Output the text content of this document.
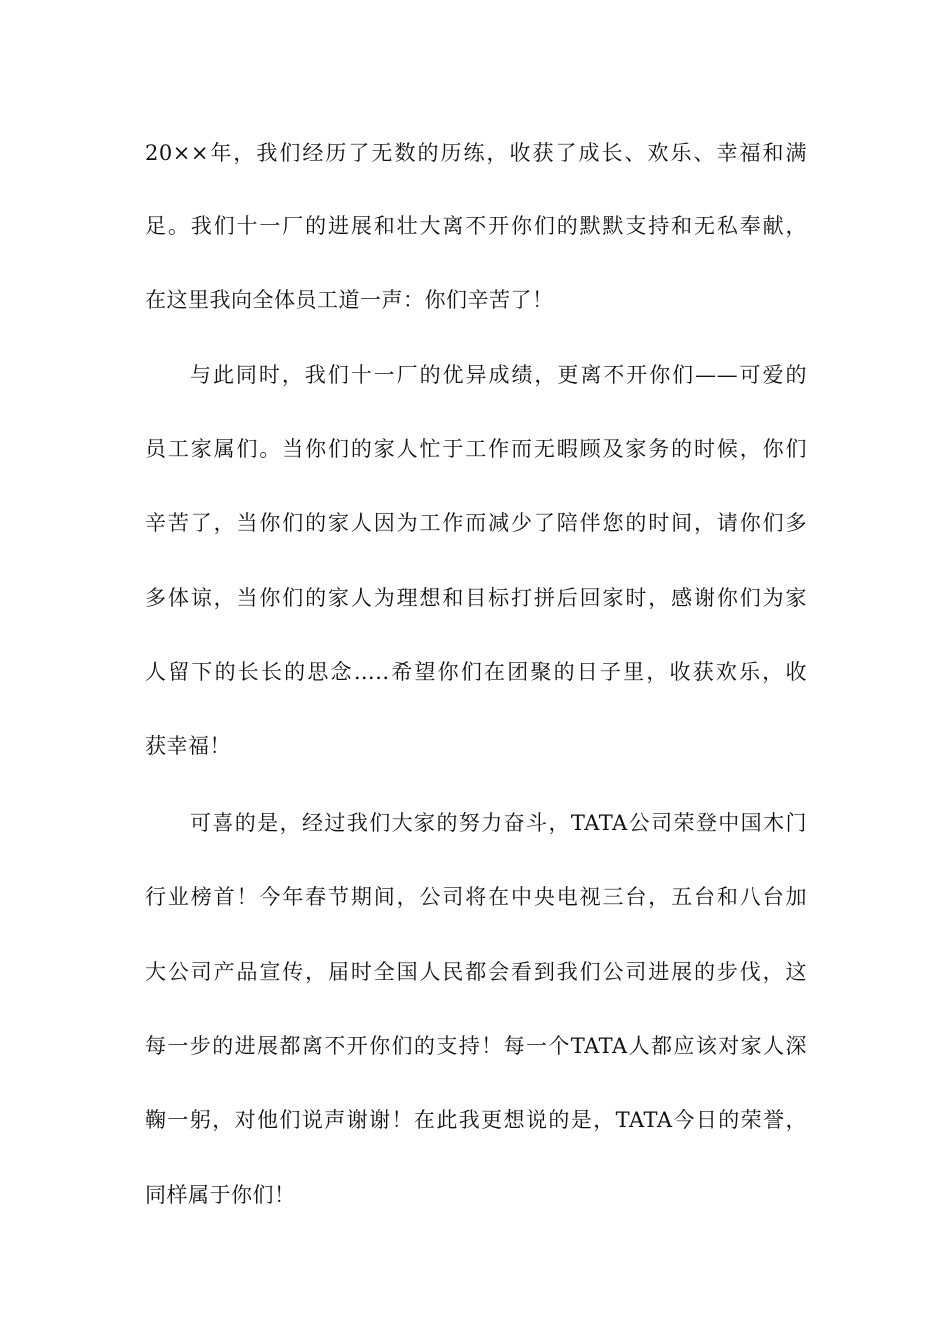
20××年，我们经历了无数的历练，收获了成长、欢乐、幸福和满
足。我们十一厂的进展和壮大离不开你们的默默支持和无私奉献，
在这里我向全体员工道一声：你们辛苦了！
与此同时，我们十一厂的优异成绩，更离不开你们——可爱的
员工家属们。当你们的家人忙于工作而无暇顾及家务的时候，你们
辛苦了，当你们的家人因为工作而减少了陪伴您的时间，请你们多
多体谅，当你们的家人为理想和目标打拼后回家时，感谢你们为家
人留下的长长的思念…..希望你们在团聚的日子里，收获欢乐，收
获幸福！
可喜的是，经过我们大家的努力奋斗，TATA公司荣登中国木门
行业榜首！今年春节期间，公司将在中央电视三台，五台和八台加
大公司产品宣传，届时全国人民都会看到我们公司进展的步伐，这
每一步的进展都离不开你们的支持！每一个TATA人都应该对家人深
鞠一躬，对他们说声谢谢！在此我更想说的是，TATA今日的荣誉，
同样属于你们！
